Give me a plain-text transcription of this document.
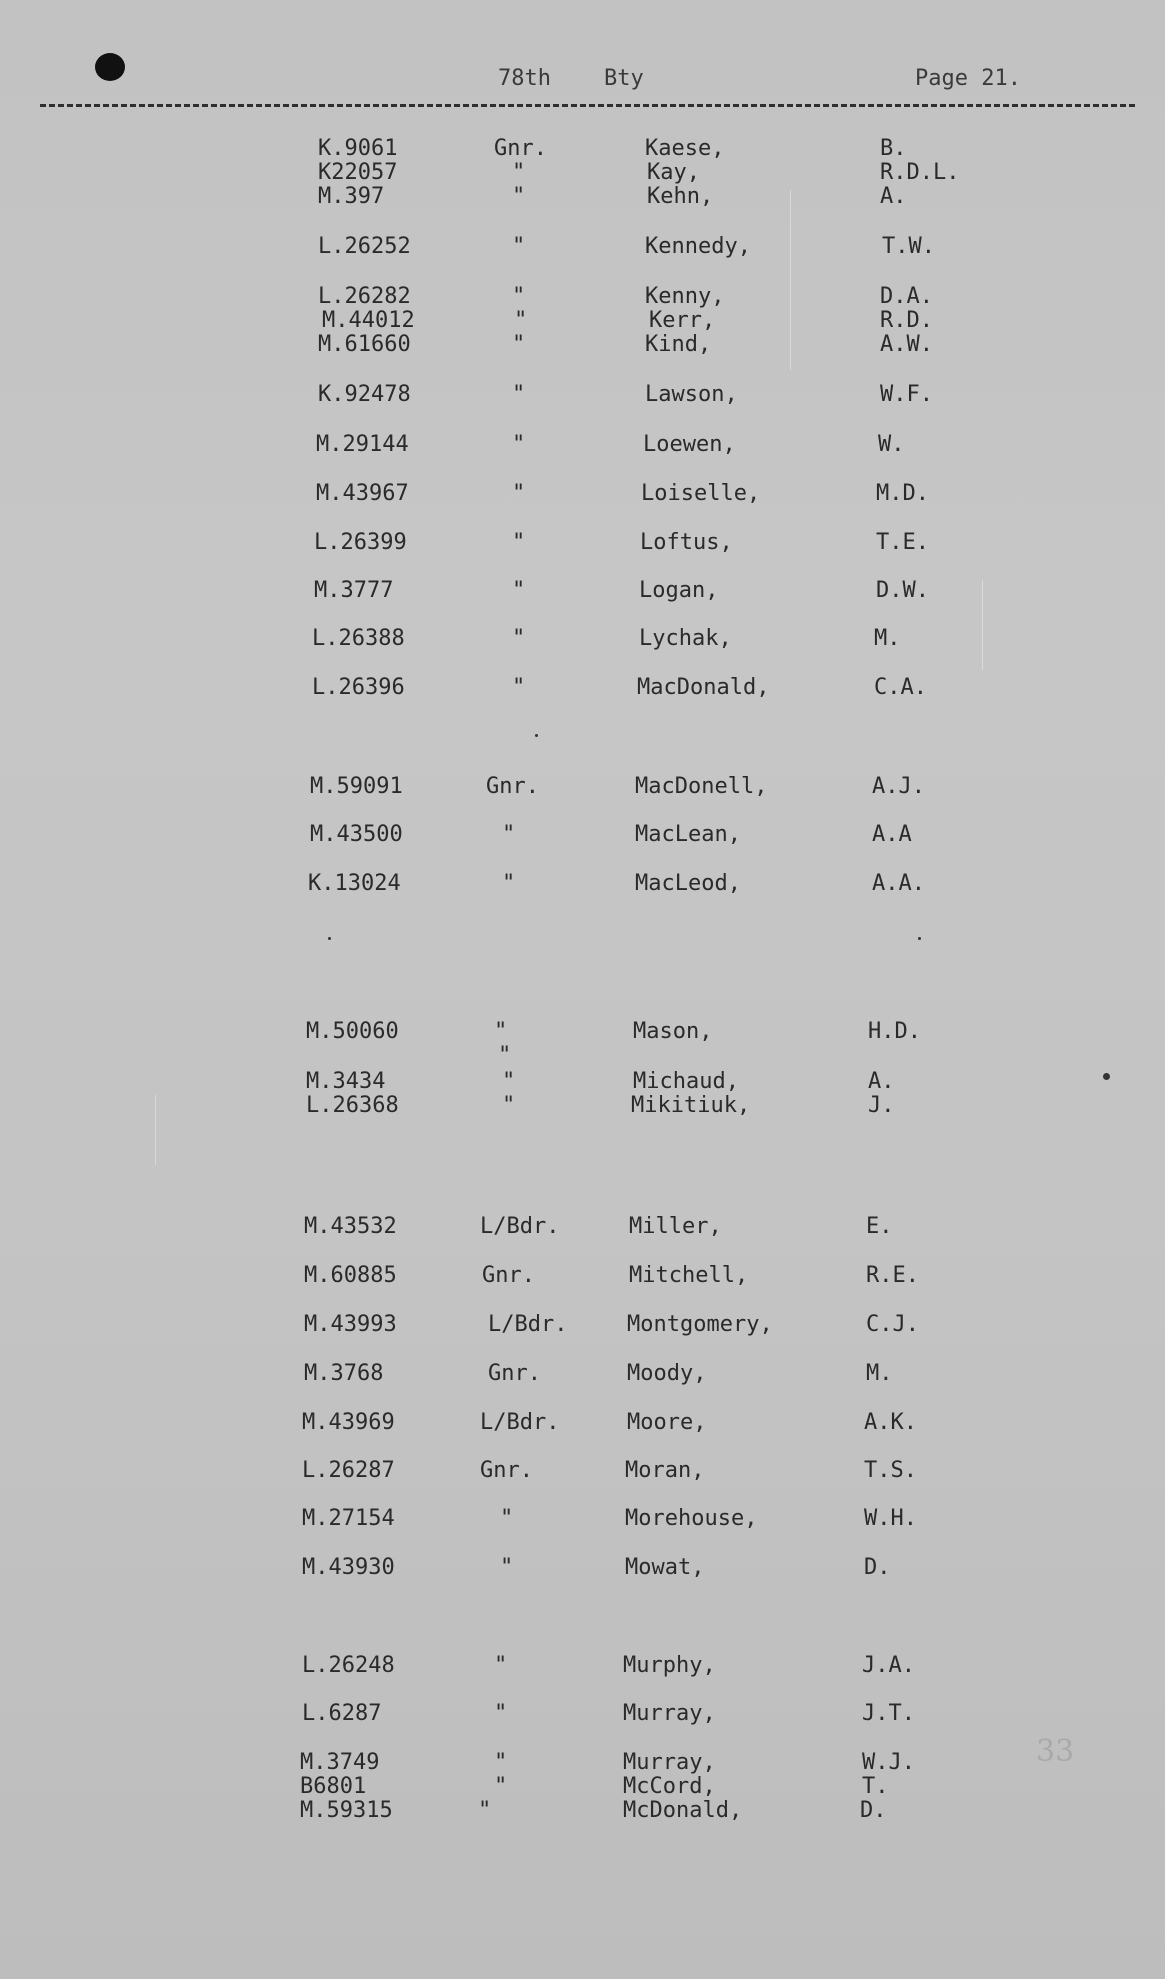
78th Bty	Page 21.
K.9061	Gnr.	Kaese,	B.
K22057	"	Kay,	R.D.L.
M.397	"	Kehn,	A.
L.26252	"	Kennedy,	T.W.
L.26282	"	Kenny,	D.A.
M.44012	"	Kerr,	R.D.
M.61660	"	Kind,	A.W.
K.92478	"	Lawson,	W.F.
M.29144	"	Loewen,	W.
M.43967	"	Loiselle,	M.D.
L.26399	"	Loftus,	T.E.
M.3777	"	Logan,	D.W.
L.26388	"	Lychak,	M.
L.26396	"	MacDonald,	C.A.
M.59091	Gnr.	MacDonell,	A.J.
M.43500	"	MacLean,	A.A
K.13024	"	MacLeod,	A.A.
M.50060	"	Mason,	H.D.
M.3434	"	Michaud,	A.
L.26368	"	Mikitiuk,	J.
M.43532	L/Bdr.	Miller,	E.
M.60885	Gnr.	Mitchell,	R.E.
M.43993	L/Bdr.	Montgomery,	C.J.
M.3768	Gnr.	Moody,	M.
M.43969	L/Bdr.	Moore,	A.K.
L.26287	Gnr.	Moran,	T.S.
M.27154	"	Morehouse,	W.H.
M.43930	"	Mowat,	D.
L.26248	"	Murphy,	J.A.
L.6287	"	Murray,	J.T.
M.3749	"	Murray,	W.J.
B6801	"	McCord,	T.
M.59315	"	McDonald,	D.
"
33
